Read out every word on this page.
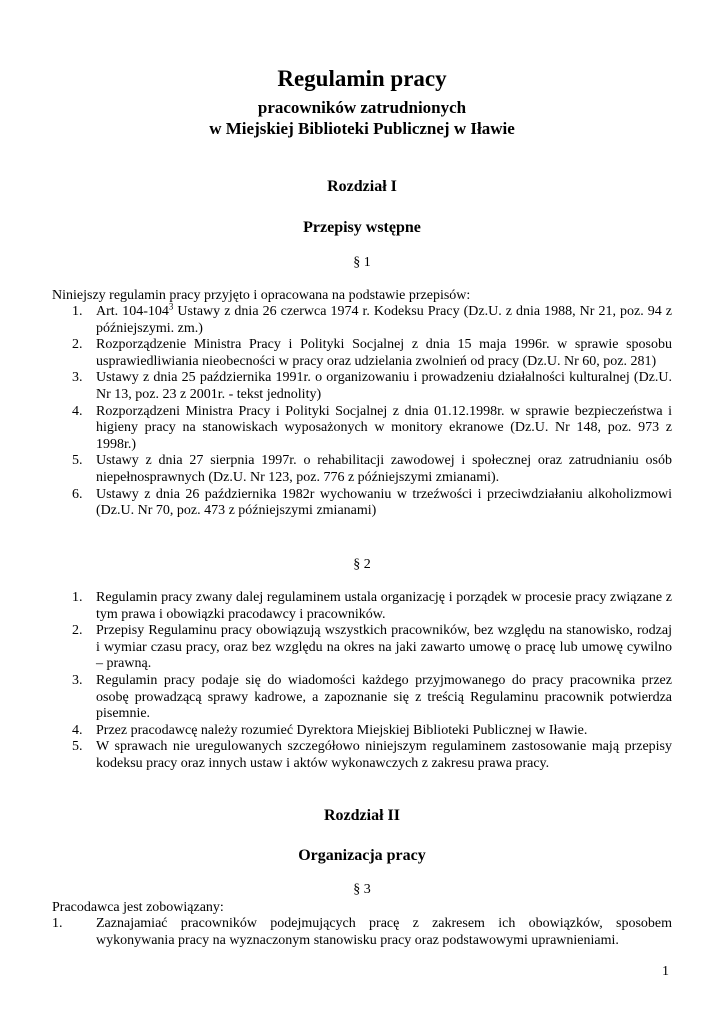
Regulamin pracy
pracowników zatrudnionych
w Miejskiej Biblioteki Publicznej w Iławie
Rozdział I
Przepisy wstępne
§ 1
Niniejszy regulamin pracy przyjęto i opracowana na podstawie przepisów:
1. Art. $104-104^3$ Ustawy z dnia 26 czerwca 1974 r. Kodeksu Pracy (Dz.U. z dnia 1988, Nr 21, poz. 94 z późniejszymi. zm.)
2. Rozporządzenie Ministra Pracy i Polityki Socjalnej z dnia 15 maja 1996r. w sprawie sposobu usprawiedliwiania nieobecności w pracy oraz udzielania zwolnień od pracy (Dz.U. Nr 60, poz. 281)
3. Ustawy z dnia 25 października 1991r. o organizowaniu i prowadzeniu działalności kulturalnej (Dz.U. Nr 13, poz. 23 z 2001r. - tekst jednolity)
4. Rozporządzeni Ministra Pracy i Polityki Socjalnej z dnia 01.12.1998r. w sprawie bezpieczeństwa i higieny pracy na stanowiskach wyposażonych w monitory ekranowe (Dz.U. Nr 148, poz. 973 z 1998r.)
5. Ustawy z dnia 27 sierpnia 1997r. o rehabilitacji zawodowej i społecznej oraz zatrudnianiu osób niepełnosprawnych (Dz.U. Nr 123, poz. 776 z późniejszymi zmianami).
6. Ustawy z dnia 26 października 1982r wychowaniu w trzeźwości i przeciwdziałaniu alkoholizmowi (Dz.U. Nr 70, poz. 473 z późniejszymi zmianami)
§ 2
1. Regulamin pracy zwany dalej regulaminem ustala organizację i porządek w procesie pracy związane z tym prawa i obowiązki pracodawcy i pracowników.
2. Przepisy Regulaminu pracy obowiązują wszystkich pracowników, bez względu na stanowisko, rodzaj i wymiar czasu pracy, oraz bez względu na okres na jaki zawarto umowę o pracę lub umowę cywilno – prawną.
3. Regulamin pracy podaje się do wiadomości każdego przyjmowanego do pracy pracownika przez osobę prowadzącą sprawy kadrowe, a zapoznanie się z treścią Regulaminu pracownik potwierdza pisemnie.
4. Przez pracodawcę należy rozumieć Dyrektora Miejskiej Biblioteki Publicznej w Iławie.
5. W sprawach nie uregulowanych szczegółowo niniejszym regulaminem zastosowanie mają przepisy kodeksu pracy oraz innych ustaw i aktów wykonawczych z zakresu prawa pracy.
Rozdział II
Organizacja pracy
§ 3
Pracodawca jest zobowiązany:
1. Zaznajamiać pracowników podejmujących pracę z zakresem ich obowiązków, sposobem wykonywania pracy na wyznaczonym stanowisku pracy oraz podstawowymi uprawnieniami.
1
